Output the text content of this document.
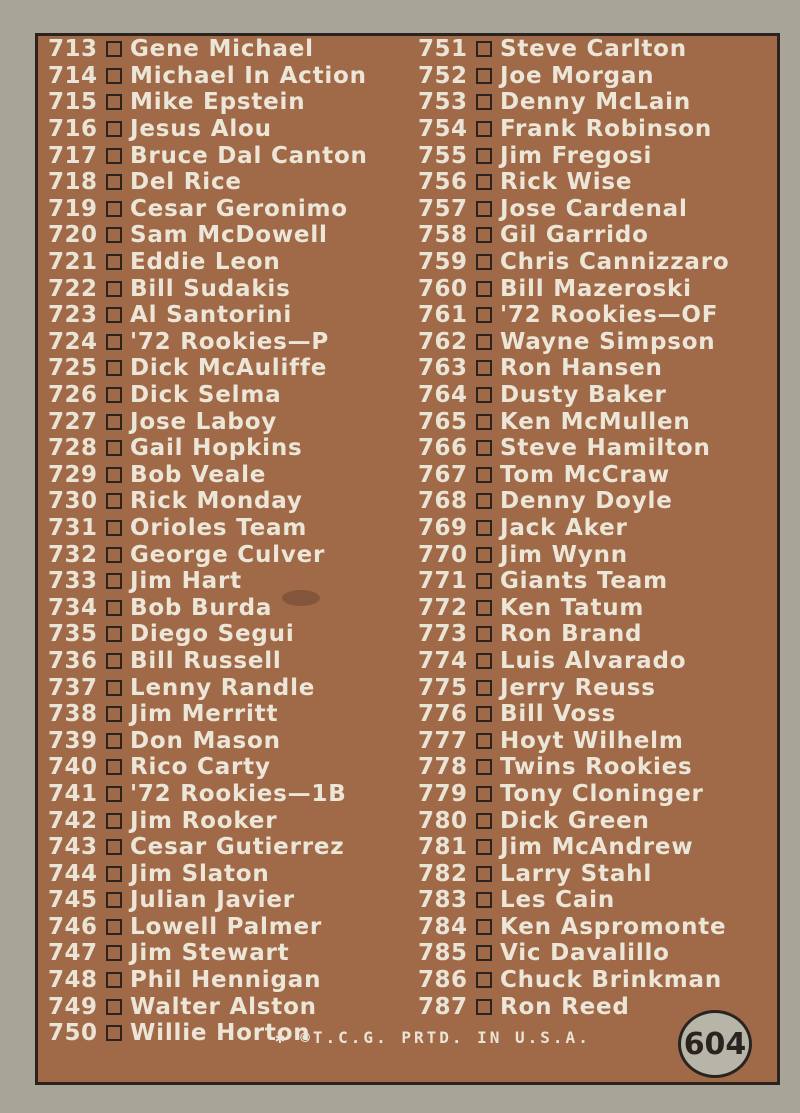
713 Gene Michael
714 Michael In Action
715 Mike Epstein
716 Jesus Alou
717 Bruce Dal Canton
718 Del Rice
719 Cesar Geronimo
720 Sam McDowell
721 Eddie Leon
722 Bill Sudakis
723 Al Santorini
724 '72 Rookies—P
725 Dick McAuliffe
726 Dick Selma
727 Jose Laboy
728 Gail Hopkins
729 Bob Veale
730 Rick Monday
731 Orioles Team
732 George Culver
733 Jim Hart
734 Bob Burda
735 Diego Segui
736 Bill Russell
737 Lenny Randle
738 Jim Merritt
739 Don Mason
740 Rico Carty
741 '72 Rookies—1B
742 Jim Rooker
743 Cesar Gutierrez
744 Jim Slaton
745 Julian Javier
746 Lowell Palmer
747 Jim Stewart
748 Phil Hennigan
749 Walter Alston
750 Willie Horton
751 Steve Carlton
752 Joe Morgan
753 Denny McLain
754 Frank Robinson
755 Jim Fregosi
756 Rick Wise
757 Jose Cardenal
758 Gil Garrido
759 Chris Cannizzaro
760 Bill Mazeroski
761 '72 Rookies—OF
762 Wayne Simpson
763 Ron Hansen
764 Dusty Baker
765 Ken McMullen
766 Steve Hamilton
767 Tom McCraw
768 Denny Doyle
769 Jack Aker
770 Jim Wynn
771 Giants Team
772 Ken Tatum
773 Ron Brand
774 Luis Alvarado
775 Jerry Reuss
776 Bill Voss
777 Hoyt Wilhelm
778 Twins Rookies
779 Tony Cloninger
780 Dick Green
781 Jim McAndrew
782 Larry Stahl
783 Les Cain
784 Ken Aspromonte
785 Vic Davalillo
786 Chuck Brinkman
787 Ron Reed
✱ ©T.C.G. PRTD. IN U.S.A.	604
